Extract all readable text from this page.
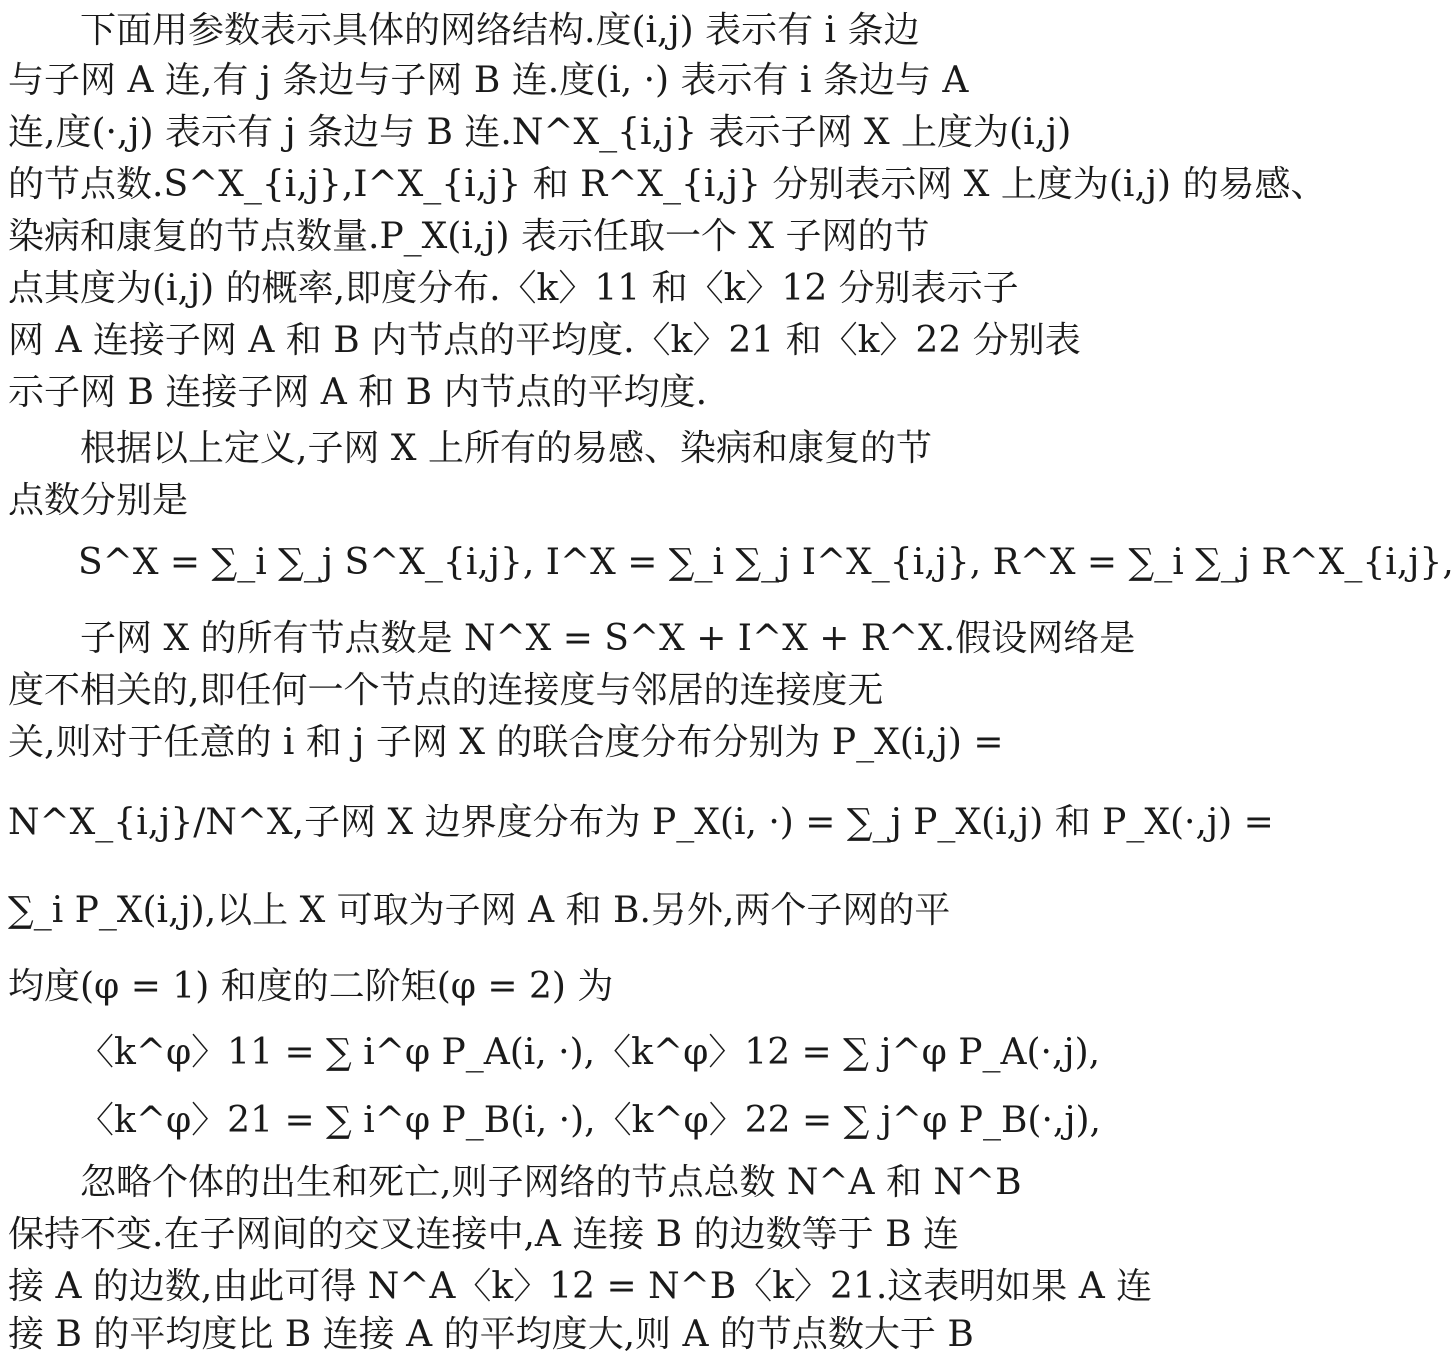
下面用参数表示具体的网络结构.度(i,j) 表示有 i 条边
与子网 A 连,有 j 条边与子网 B 连.度(i, ·) 表示有 i 条边与 A
连,度(·,j) 表示有 j 条边与 B 连.N^X_{i,j} 表示子网 X 上度为(i,j)
的节点数.S^X_{i,j},I^X_{i,j} 和 R^X_{i,j} 分别表示网 X 上度为(i,j) 的易感、
染病和康复的节点数量.P_X(i,j) 表示任取一个 X 子网的节
点其度为(i,j) 的概率,即度分布.〈k〉11 和〈k〉12 分别表示子
网 A 连接子网 A 和 B 内节点的平均度.〈k〉21 和〈k〉22 分别表
示子网 B 连接子网 A 和 B 内节点的平均度.
根据以上定义,子网 X 上所有的易感、染病和康复的节
点数分别是
S^X = ∑_i ∑_j S^X_{i,j}, I^X = ∑_i ∑_j I^X_{i,j}, R^X = ∑_i ∑_j R^X_{i,j},
子网 X 的所有节点数是 N^X = S^X + I^X + R^X.假设网络是
度不相关的,即任何一个节点的连接度与邻居的连接度无
关,则对于任意的 i 和 j 子网 X 的联合度分布分别为 P_X(i,j) =
N^X_{i,j}/N^X,子网 X 边界度分布为 P_X(i, ·) = ∑_j P_X(i,j) 和 P_X(·,j) =
∑_i P_X(i,j),以上 X 可取为子网 A 和 B.另外,两个子网的平
均度(φ = 1) 和度的二阶矩(φ = 2) 为
〈k^φ〉11 = ∑ i^φ P_A(i, ·),〈k^φ〉12 = ∑ j^φ P_A(·,j),
〈k^φ〉21 = ∑ i^φ P_B(i, ·),〈k^φ〉22 = ∑ j^φ P_B(·,j),
忽略个体的出生和死亡,则子网络的节点总数 N^A 和 N^B
保持不变.在子网间的交叉连接中,A 连接 B 的边数等于 B 连
接 A 的边数,由此可得 N^A〈k〉12 = N^B〈k〉21.这表明如果 A 连
接 B 的平均度比 B 连接 A 的平均度大,则 A 的节点数大于 B
